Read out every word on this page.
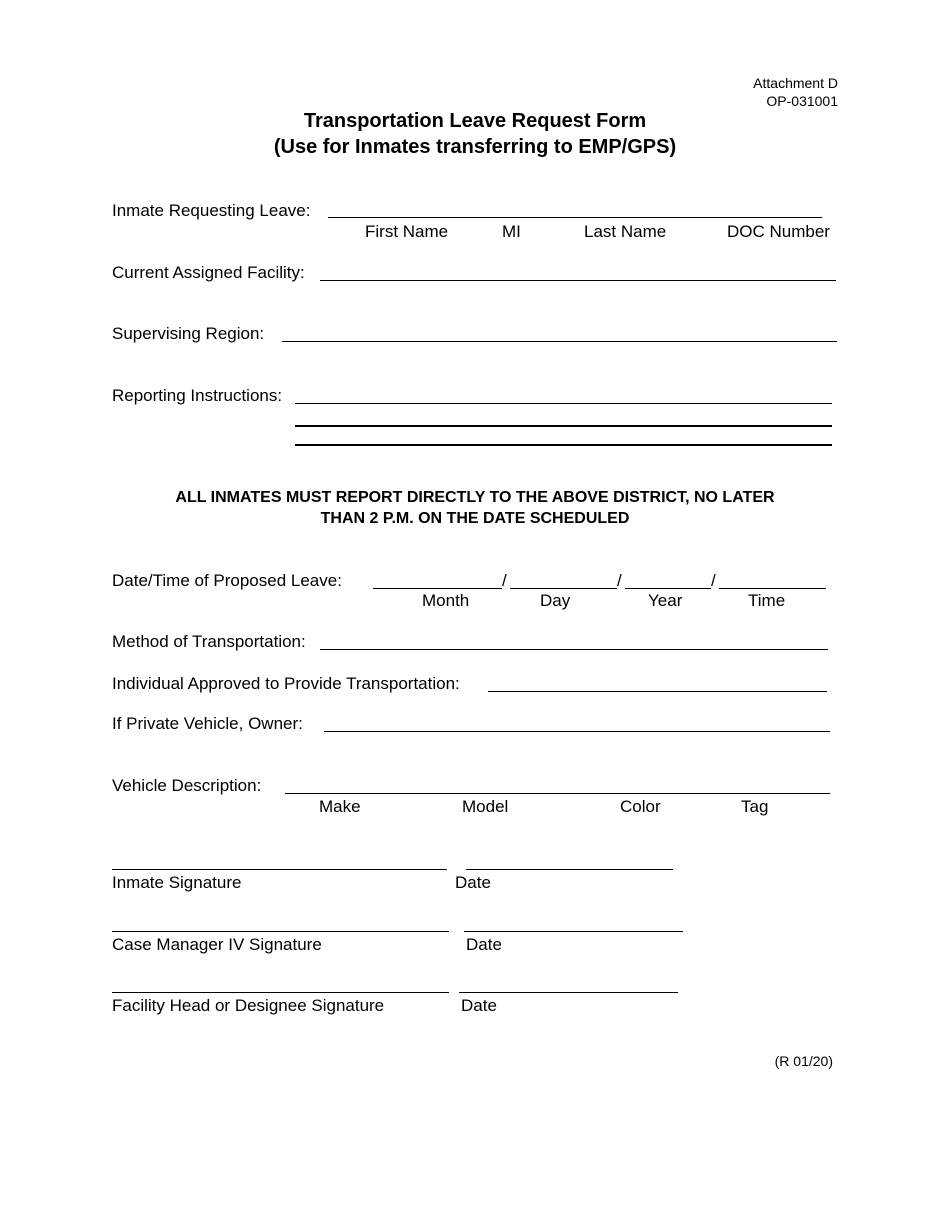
Attachment D
OP-031001
Transportation Leave Request Form
(Use for Inmates transferring to EMP/GPS)
Inmate Requesting Leave:
First Name	MI	Last Name	DOC Number
Current Assigned Facility:
Supervising Region:
Reporting Instructions:
ALL INMATES MUST REPORT DIRECTLY TO THE ABOVE DISTRICT, NO LATER
THAN 2 P.M. ON THE DATE SCHEDULED
Date/Time of Proposed Leave:	/	/	/
Month	Day	Year	Time
Method of Transportation:
Individual Approved to Provide Transportation:
If Private Vehicle, Owner:
Vehicle Description:
Make	Model	Color	Tag
Inmate Signature	Date
Case Manager IV Signature	Date
Facility Head or Designee Signature	Date
(R 01/20)
